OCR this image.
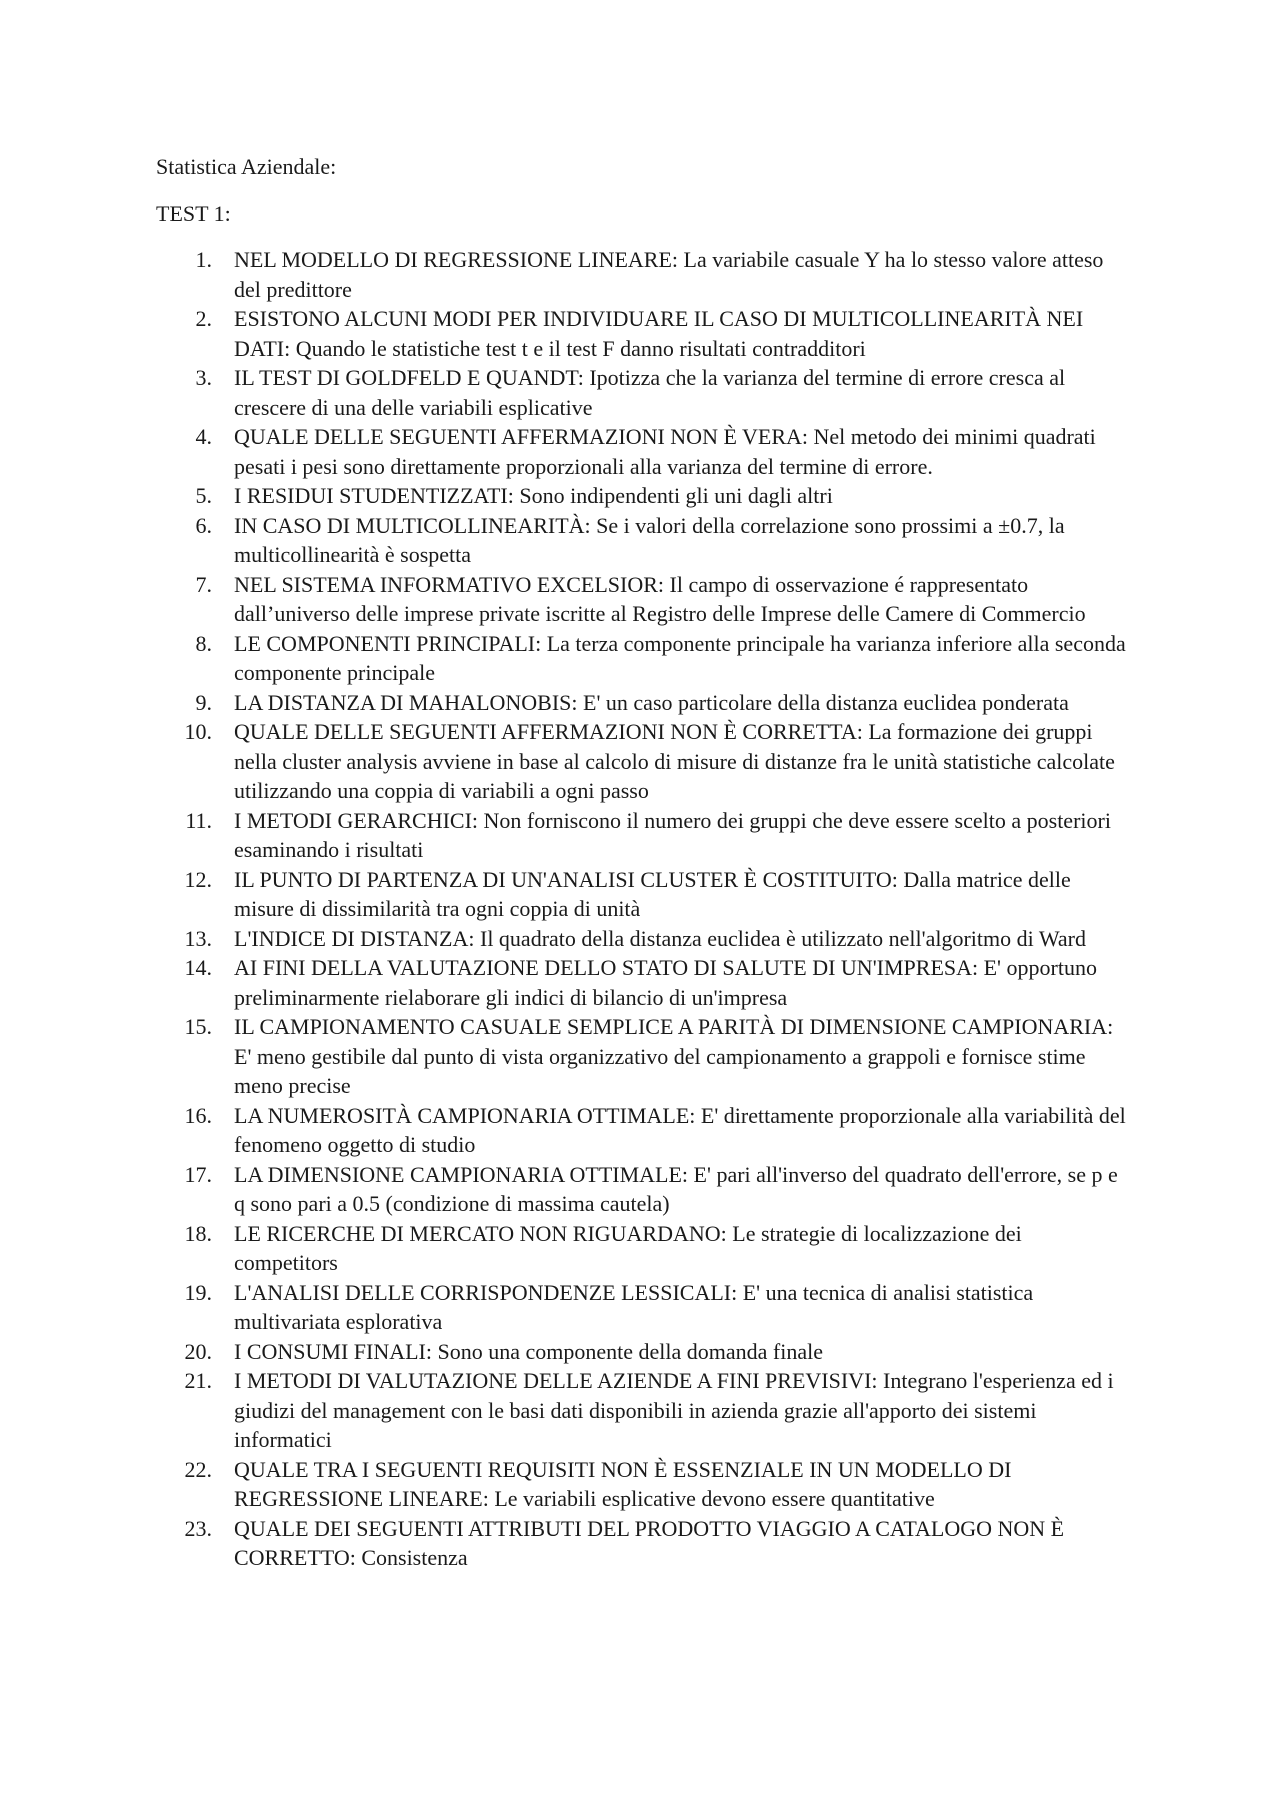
Statistica Aziendale:

TEST 1:

1. NEL MODELLO DI REGRESSIONE LINEARE: La variabile casuale Y ha lo stesso valore atteso del predittore
2. ESISTONO ALCUNI MODI PER INDIVIDUARE IL CASO DI MULTICOLLINEARITÀ NEI DATI: Quando le statistiche test t e il test F danno risultati contradditori
3. IL TEST DI GOLDFELD E QUANDT: Ipotizza che la varianza del termine di errore cresca al crescere di una delle variabili esplicative
4. QUALE DELLE SEGUENTI AFFERMAZIONI NON È VERA: Nel metodo dei minimi quadrati pesati i pesi sono direttamente proporzionali alla varianza del termine di errore.
5. I RESIDUI STUDENTIZZATI: Sono indipendenti gli uni dagli altri
6. IN CASO DI MULTICOLLINEARITÀ: Se i valori della correlazione sono prossimi a ±0.7, la multicollinearità è sospetta
7. NEL SISTEMA INFORMATIVO EXCELSIOR: Il campo di osservazione é rappresentato dall’universo delle imprese private iscritte al Registro delle Imprese delle Camere di Commercio
8. LE COMPONENTI PRINCIPALI: La terza componente principale ha varianza inferiore alla seconda componente principale
9. LA DISTANZA DI MAHALONOBIS: E' un caso particolare della distanza euclidea ponderata
10. QUALE DELLE SEGUENTI AFFERMAZIONI NON È CORRETTA: La formazione dei gruppi nella cluster analysis avviene in base al calcolo di misure di distanze fra le unità statistiche calcolate utilizzando una coppia di variabili a ogni passo
11. I METODI GERARCHICI: Non forniscono il numero dei gruppi che deve essere scelto a posteriori esaminando i risultati
12. IL PUNTO DI PARTENZA DI UN'ANALISI CLUSTER È COSTITUITO: Dalla matrice delle misure di dissimilarità tra ogni coppia di unità
13. L'INDICE DI DISTANZA: Il quadrato della distanza euclidea è utilizzato nell'algoritmo di Ward
14. AI FINI DELLA VALUTAZIONE DELLO STATO DI SALUTE DI UN'IMPRESA: E' opportuno preliminarmente rielaborare gli indici di bilancio di un'impresa
15. IL CAMPIONAMENTO CASUALE SEMPLICE A PARITÀ DI DIMENSIONE CAMPIONARIA: E' meno gestibile dal punto di vista organizzativo del campionamento a grappoli e fornisce stime meno precise
16. LA NUMEROSITÀ CAMPIONARIA OTTIMALE: E' direttamente proporzionale alla variabilità del fenomeno oggetto di studio
17. LA DIMENSIONE CAMPIONARIA OTTIMALE: E' pari all'inverso del quadrato dell'errore, se p e q sono pari a 0.5 (condizione di massima cautela)
18. LE RICERCHE DI MERCATO NON RIGUARDANO: Le strategie di localizzazione dei competitors
19. L'ANALISI DELLE CORRISPONDENZE LESSICALI: E' una tecnica di analisi statistica multivariata esplorativa
20. I CONSUMI FINALI: Sono una componente della domanda finale
21. I METODI DI VALUTAZIONE DELLE AZIENDE A FINI PREVISIVI: Integrano l'esperienza ed i giudizi del management con le basi dati disponibili in azienda grazie all'apporto dei sistemi informatici
22. QUALE TRA I SEGUENTI REQUISITI NON È ESSENZIALE IN UN MODELLO DI REGRESSIONE LINEARE: Le variabili esplicative devono essere quantitative
23. QUALE DEI SEGUENTI ATTRIBUTI DEL PRODOTTO VIAGGIO A CATALOGO NON È CORRETTO: Consistenza
